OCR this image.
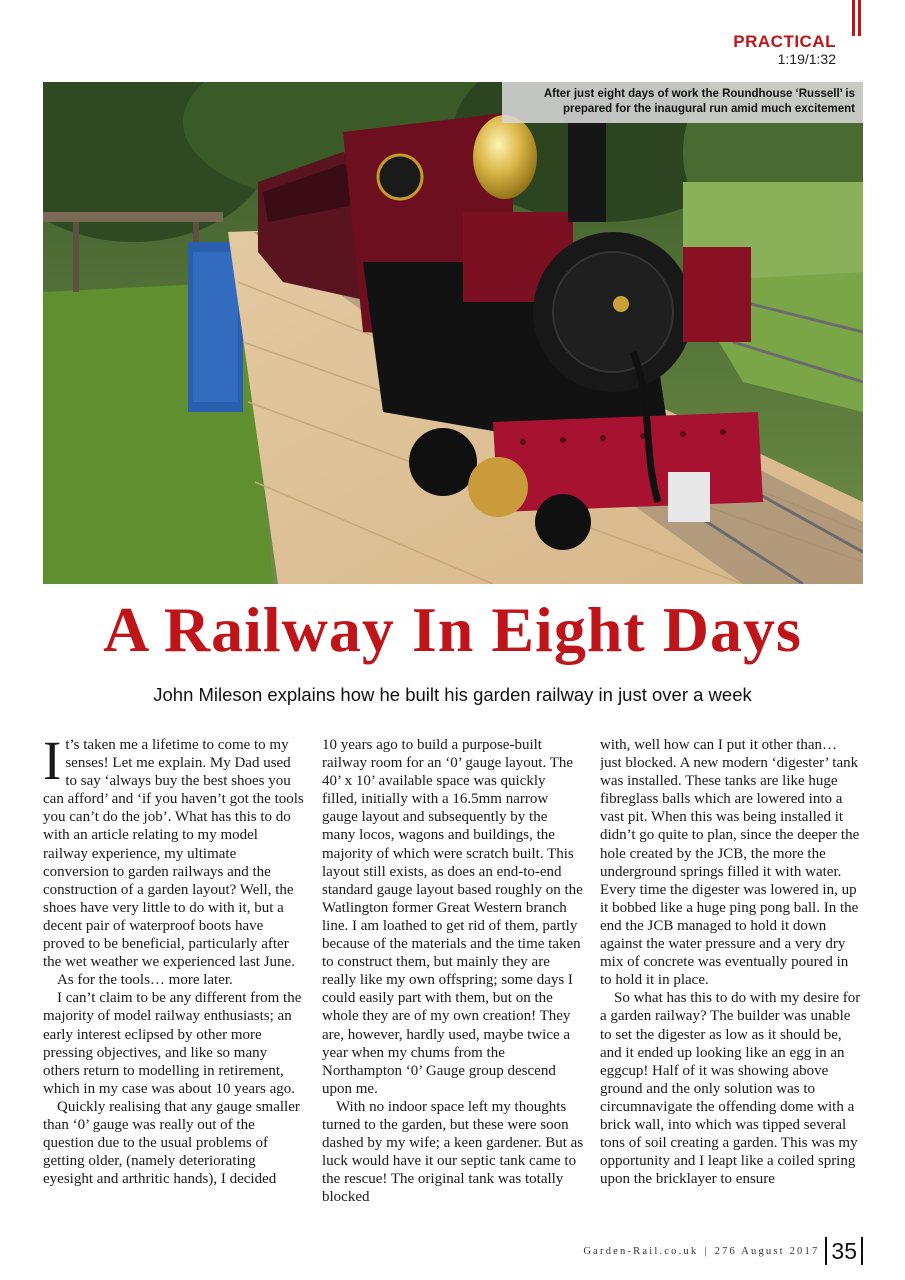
PRACTICAL
1:19/1:32
After just eight days of work the Roundhouse ‘Russell’ is
prepared for the inaugural run amid much excitement
A Railway In Eight Days
John Mileson explains how he built his garden railway in just over a week
I t’s taken me a lifetime to come to my senses! Let me explain. My Dad used to say ‘always buy the best shoes you can afford’ and ‘if you haven’t got the tools you can’t do the job’. What has this to do with an article relating to my model railway experience, my ultimate conversion to garden railways and the construction of a garden layout? Well, the shoes have very little to do with it, but a decent pair of waterproof boots have proved to be beneficial, particularly after the wet weather we experienced last June.

As for the tools… more later.

I can’t claim to be any different from the majority of model railway enthusiasts; an early interest eclipsed by other more pressing objectives, and like so many others return to modelling in retirement, which in my case was about 10 years ago.

Quickly realising that any gauge smaller than ‘0’ gauge was really out of the question due to the usual problems of getting older, (namely deteriorating eyesight and arthritic hands), I decided

10 years ago to build a purpose-built railway room for an ‘0’ gauge layout. The 40’ x 10’ available space was quickly filled, initially with a 16.5mm narrow gauge layout and subsequently by the many locos, wagons and buildings, the majority of which were scratch built. This layout still exists, as does an end-to-end standard gauge layout based roughly on the Watlington former Great Western branch line. I am loathed to get rid of them, partly because of the materials and the time taken to construct them, but mainly they are really like my own offspring; some days I could easily part with them, but on the whole they are of my own creation! They are, however, hardly used, maybe twice a year when my chums from the Northampton ‘0’ Gauge group descend upon me.

With no indoor space left my thoughts turned to the garden, but these were soon dashed by my wife; a keen gardener. But as luck would have it our septic tank came to the rescue! The original tank was totally blocked

with, well how can I put it other than… just blocked. A new modern ‘digester’ tank was installed. These tanks are like huge fibreglass balls which are lowered into a vast pit. When this was being installed it didn’t go quite to plan, since the deeper the hole created by the JCB, the more the underground springs filled it with water. Every time the digester was lowered in, up it bobbed like a huge ping pong ball. In the end the JCB managed to hold it down against the water pressure and a very dry mix of concrete was eventually poured in to hold it in place.

So what has this to do with my desire for a garden railway? The builder was unable to set the digester as low as it should be, and it ended up looking like an egg in an eggcup! Half of it was showing above ground and the only solution was to circumnavigate the offending dome with a brick wall, into which was tipped several tons of soil creating a garden. This was my opportunity and I leapt like a coiled spring upon the bricklayer to ensure

Garden-Rail.co.uk | 276 August 2017 35
